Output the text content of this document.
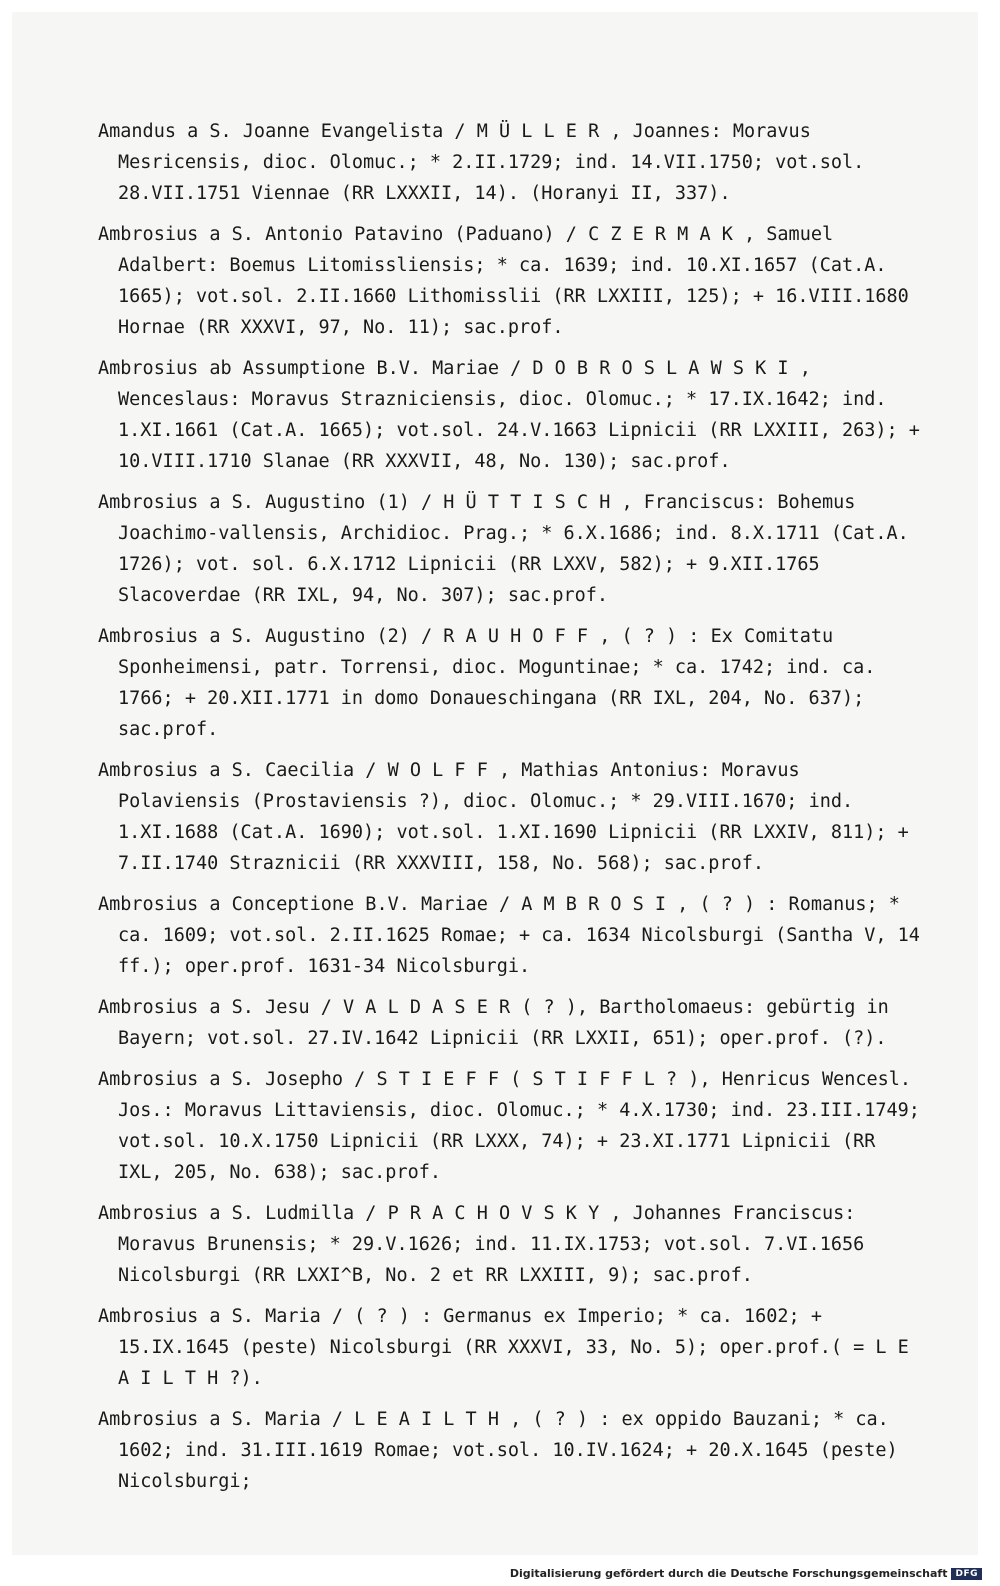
Amandus a S. Joanne Evangelista / M Ü L L E R , Joannes: Moravus Mesricensis, dioc. Olomuc.; * 2.II.1729; ind. 14.VII.1750; vot.sol. 28.VII.1751 Viennae (RR LXXXII, 14). (Horanyi II, 337).

Ambrosius a S. Antonio Patavino (Paduano) / C Z E R M A K , Samuel Adalbert: Boemus Litomissliensis; * ca. 1639; ind. 10.XI.1657 (Cat.A. 1665); vot.sol. 2.II.1660 Lithomisslii (RR LXXIII, 125); + 16.VIII.1680 Hornae (RR XXXVI, 97, No. 11); sac.prof.

Ambrosius ab Assumptione B.V. Mariae / D O B R O S L A W S K I , Wenceslaus: Moravus Strazniciensis, dioc. Olomuc.; * 17.IX.1642; ind. 1.XI.1661 (Cat.A. 1665); vot.sol. 24.V.1663 Lipnicii (RR LXXIII, 263); + 10.VIII.1710 Slanae (RR XXXVII, 48, No. 130); sac.prof.

Ambrosius a S. Augustino (1) / H Ü T T I S C H , Franciscus: Bohemus Joachimo-vallensis, Archidioc. Prag.; * 6.X.1686; ind. 8.X.1711 (Cat.A. 1726); vot. sol. 6.X.1712 Lipnicii (RR LXXV, 582); + 9.XII.1765 Slacoverdae (RR IXL, 94, No. 307); sac.prof.

Ambrosius a S. Augustino (2) / R A U H O F F , ( ? ) : Ex Comitatu Sponheimensi, patr. Torrensi, dioc. Moguntinae; * ca. 1742; ind. ca. 1766; + 20.XII.1771 in domo Donaueschingana (RR IXL, 204, No. 637); sac.prof.

Ambrosius a S. Caecilia / W O L F F , Mathias Antonius: Moravus Polaviensis (Prostaviensis ?), dioc. Olomuc.; * 29.VIII.1670; ind. 1.XI.1688 (Cat.A. 1690); vot.sol. 1.XI.1690 Lipnicii (RR LXXIV, 811); + 7.II.1740 Straznicii (RR XXXVIII, 158, No. 568); sac.prof.

Ambrosius a Conceptione B.V. Mariae / A M B R O S I , ( ? ) : Romanus; * ca. 1609; vot.sol. 2.II.1625 Romae; + ca. 1634 Nicolsburgi (Santha V, 14 ff.); oper.prof. 1631-34 Nicolsburgi.

Ambrosius a S. Jesu / V A L D A S E R ( ? ), Bartholomaeus: gebürtig in Bayern; vot.sol. 27.IV.1642 Lipnicii (RR LXXII, 651); oper.prof. (?).

Ambrosius a S. Josepho / S T I E F F ( S T I F F L ? ), Henricus Wencesl. Jos.: Moravus Littaviensis, dioc. Olomuc.; * 4.X.1730; ind. 23.III.1749; vot.sol. 10.X.1750 Lipnicii (RR LXXX, 74); + 23.XI.1771 Lipnicii (RR IXL, 205, No. 638); sac.prof.

Ambrosius a S. Ludmilla / P R A C H O V S K Y , Johannes Franciscus: Moravus Brunensis; * 29.V.1626; ind. 11.IX.1753; vot.sol. 7.VI.1656 Nicolsburgi (RR LXXI^B, No. 2 et RR LXXIII, 9); sac.prof.

Ambrosius a S. Maria / ( ? ) : Germanus ex Imperio; * ca. 1602; + 15.IX.1645 (peste) Nicolsburgi (RR XXXVI, 33, No. 5); oper.prof.( = L E A I L T H ?).

Ambrosius a S. Maria / L E A I L T H , ( ? ) : ex oppido Bauzani; * ca. 1602; ind. 31.III.1619 Romae; vot.sol. 10.IV.1624; + 20.X.1645 (peste) Nicolsburgi;

Digitalisierung gefördert durch die Deutsche Forschungsgemeinschaft DFG
